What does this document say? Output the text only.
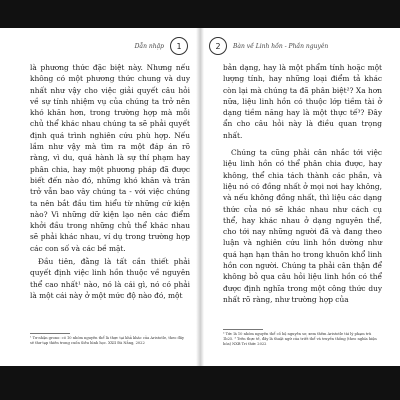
Dẫn nhập	1

là phương thức đặc biệt này. Nhưng nếu không có một phương thức chung và duy nhất như vậy cho việc giải quyết câu hỏi về sự tính nhiệm vụ của chúng ta trở nên khó khăn hơn, trong trường hợp mà mỗi chủ thể khác nhau chúng ta sẽ phải quyết định quá trình nghiên cứu phù hợp. Nếu lầm như vậy mà tìm ra một đáp án rõ ràng, vì du, quá hành là sự thí phạm hay phân chia, hay một phương pháp đã được biết đến nào đó, những khó khăn và trăn trở vẫn bao vây chúng ta - với việc chúng ta nên bắt đầu tìm hiểu từ những cứ kiện nào? Vì những dữ kiện lạo nên các điểm khởi đầu trong những chủ thể khác nhau sẽ phải khác nhau, ví dụ trong trường hợp các con số và các bề mặt.

Đầu tiên, đằng là tất cần thiết phải quyết định việc linh hồn thuộc về nguyên thể cao nhất¹ nào, nó là cái gì, nó có phải là một cái này ở một mức độ nào đó, một

¹ Tư nhận grono: có 10 nhóm nguyên thể là thực tại khả khác của Aristotle, theo đây sẽ thư tạp thiên trong cuốn Siêu hình học. XXII Đà Nẵng, 2022
2	Bàn về Linh hồn - Phần nguyên

bản dạng, hay là một phẩm tính hoặc một lượng tính, hay những loại điểm tả khác còn lại mà chúng ta đã phân biệt²? Xa hơn nữa, liệu linh hồn có thuộc lớp tiềm tài ở dạng tiềm năng hay là một thực tế³? Đây ẩn cho câu hỏi này là điều quan trọng nhất.

Chúng ta cũng phải cân nhắc tới việc liệu linh hồn có thể phân chia được, hay không, thể chia tách thành các phần, và liệu nó có đồng nhất ở mọi nơi hay không, và nếu không đồng nhất, thì liệu các dạng thức của nó sẽ khác nhau như cách cụ thể, hay khác nhau ở dạng nguyên thể, cho tới nay những người đã và đang theo luận và nghiên cứu linh hồn dường như quá hạn hạn thân ho trong khuôn khổ linh hồn con người. Chúng ta phải cân thận để không bỏ qua câu hỏi liệu linh hồn có thể được định nghĩa trong một công thức duy nhất rõ ràng, như trường hợp của

² Tức là 10 nhóm nguyên thể cố hệ nguyên sơ, xem thêm Aristotle tài lý phạm trù 1b25. ³ Trên thực tế, đây là thuật ngữ của triết thể và truyền thống (theo nghĩa hiện hóa) NXB Tri thức 2022
